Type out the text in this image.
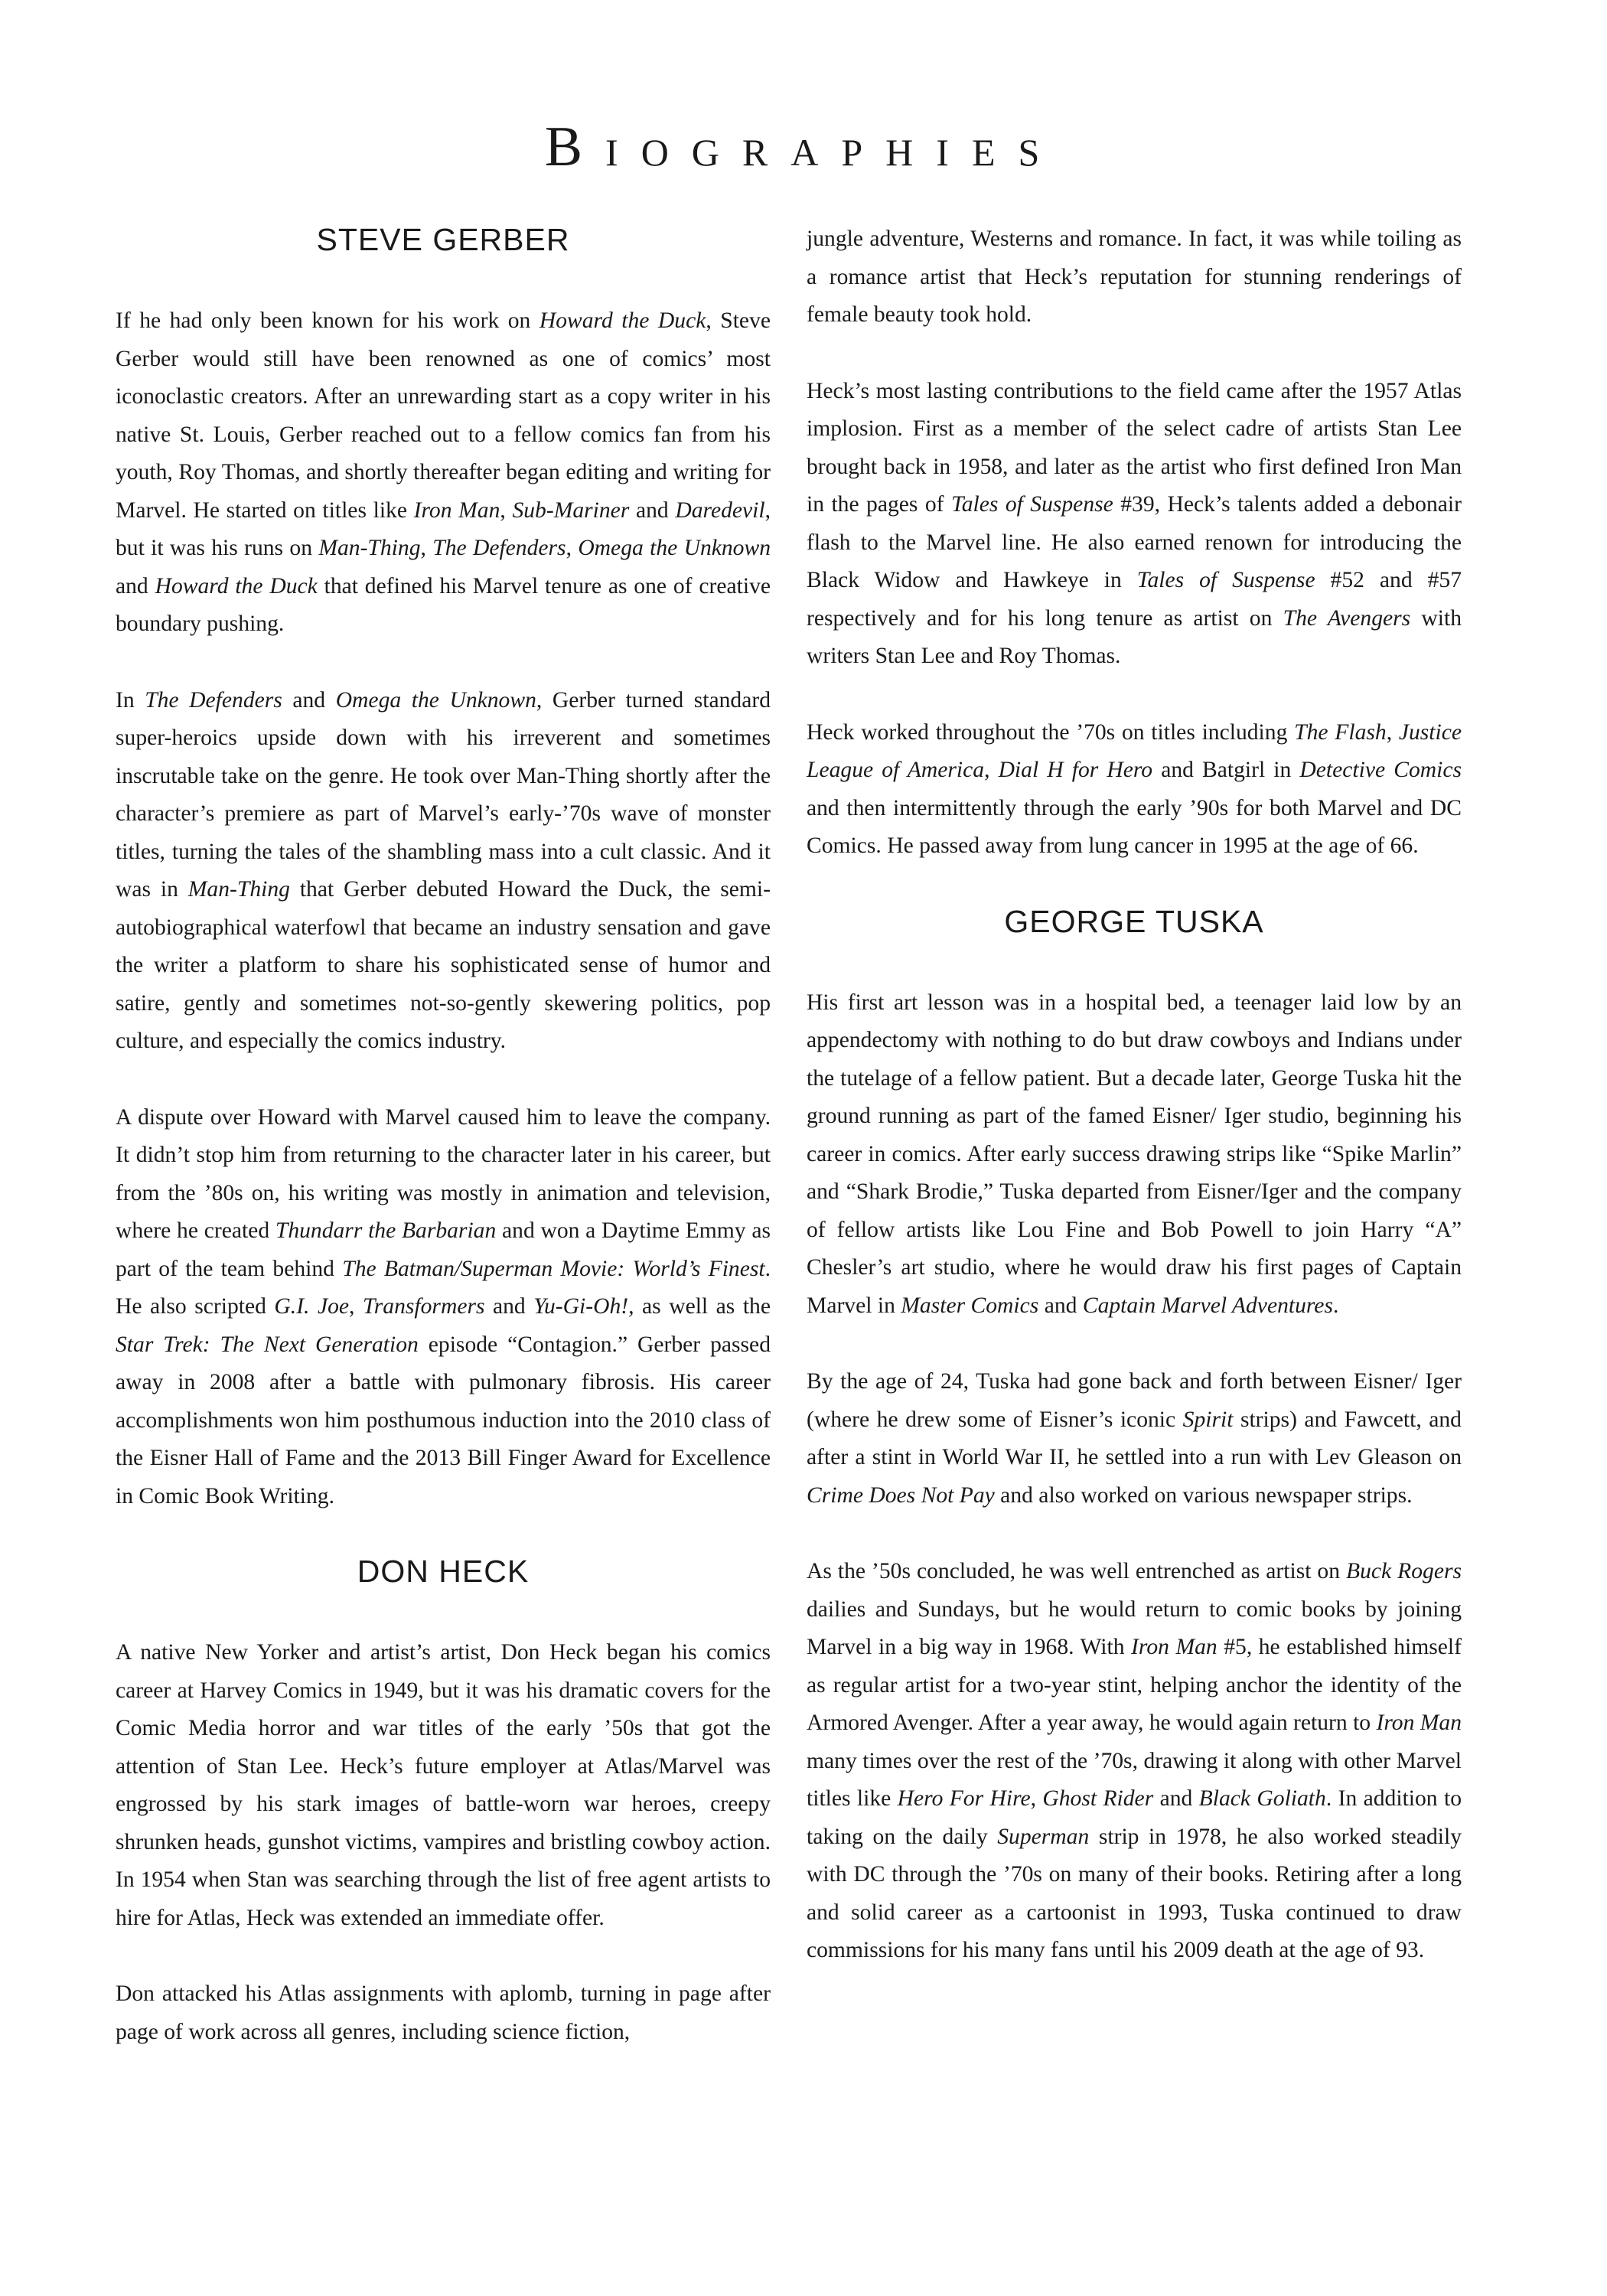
BIOGRAPHIES
STEVE GERBER

If he had only been known for his work on Howard the Duck, Steve Gerber would still have been renowned as one of comics’ most iconoclastic creators. After an unrewarding start as a copy writer in his native St. Louis, Gerber reached out to a fellow comics fan from his youth, Roy Thomas, and shortly thereafter began editing and writing for Marvel. He started on titles like Iron Man, Sub-Mariner and Daredevil, but it was his runs on Man-Thing, The Defenders, Omega the Unknown and Howard the Duck that defined his Marvel tenure as one of creative boundary pushing.

In The Defenders and Omega the Unknown, Gerber turned standard super-heroics upside down with his irreverent and sometimes inscrutable take on the genre. He took over Man-Thing shortly after the character’s premiere as part of Marvel’s early-’70s wave of monster titles, turning the tales of the shambling mass into a cult classic. And it was in Man-Thing that Gerber debuted Howard the Duck, the semi-autobiographical waterfowl that became an industry sensation and gave the writer a platform to share his sophisticated sense of humor and satire, gently and sometimes not-so-gently skewering politics, pop culture, and especially the comics industry.

A dispute over Howard with Marvel caused him to leave the company. It didn’t stop him from returning to the character later in his career, but from the ’80s on, his writing was mostly in animation and television, where he created Thundarr the Barbarian and won a Daytime Emmy as part of the team behind The Batman/Superman Movie: World’s Finest. He also scripted G.I. Joe, Transformers and Yu-Gi-Oh!, as well as the Star Trek: The Next Generation episode “Contagion.” Gerber passed away in 2008 after a battle with pulmonary fibrosis. His career accomplishments won him posthumous induction into the 2010 class of the Eisner Hall of Fame and the 2013 Bill Finger Award for Excellence in Comic Book Writing.

DON HECK

A native New Yorker and artist’s artist, Don Heck began his comics career at Harvey Comics in 1949, but it was his dramatic covers for the Comic Media horror and war titles of the early ’50s that got the attention of Stan Lee. Heck’s future employer at Atlas/Marvel was engrossed by his stark images of battle-worn war heroes, creepy shrunken heads, gunshot victims, vampires and bristling cowboy action. In 1954 when Stan was searching through the list of free agent artists to hire for Atlas, Heck was extended an immediate offer.

Don attacked his Atlas assignments with aplomb, turning in page after page of work across all genres, including science fiction,

jungle adventure, Westerns and romance. In fact, it was while toiling as a romance artist that Heck’s reputation for stunning renderings of female beauty took hold.

Heck’s most lasting contributions to the field came after the 1957 Atlas implosion. First as a member of the select cadre of artists Stan Lee brought back in 1958, and later as the artist who first defined Iron Man in the pages of Tales of Suspense #39, Heck’s talents added a debonair flash to the Marvel line. He also earned renown for introducing the Black Widow and Hawkeye in Tales of Suspense #52 and #57 respectively and for his long tenure as artist on The Avengers with writers Stan Lee and Roy Thomas.

Heck worked throughout the ’70s on titles including The Flash, Justice League of America, Dial H for Hero and Batgirl in Detective Comics and then intermittently through the early ’90s for both Marvel and DC Comics. He passed away from lung cancer in 1995 at the age of 66.

GEORGE TUSKA

His first art lesson was in a hospital bed, a teenager laid low by an appendectomy with nothing to do but draw cowboys and Indians under the tutelage of a fellow patient. But a decade later, George Tuska hit the ground running as part of the famed Eisner/ Iger studio, beginning his career in comics. After early success drawing strips like “Spike Marlin” and “Shark Brodie,” Tuska departed from Eisner/Iger and the company of fellow artists like Lou Fine and Bob Powell to join Harry “A” Chesler’s art studio, where he would draw his first pages of Captain Marvel in Master Comics and Captain Marvel Adventures.

By the age of 24, Tuska had gone back and forth between Eisner/ Iger (where he drew some of Eisner’s iconic Spirit strips) and Fawcett, and after a stint in World War II, he settled into a run with Lev Gleason on Crime Does Not Pay and also worked on various newspaper strips.

As the ’50s concluded, he was well entrenched as artist on Buck Rogers dailies and Sundays, but he would return to comic books by joining Marvel in a big way in 1968. With Iron Man #5, he established himself as regular artist for a two-year stint, helping anchor the identity of the Armored Avenger. After a year away, he would again return to Iron Man many times over the rest of the ’70s, drawing it along with other Marvel titles like Hero For Hire, Ghost Rider and Black Goliath. In addition to taking on the daily Superman strip in 1978, he also worked steadily with DC through the ’70s on many of their books. Retiring after a long and solid career as a cartoonist in 1993, Tuska continued to draw commissions for his many fans until his 2009 death at the age of 93.
